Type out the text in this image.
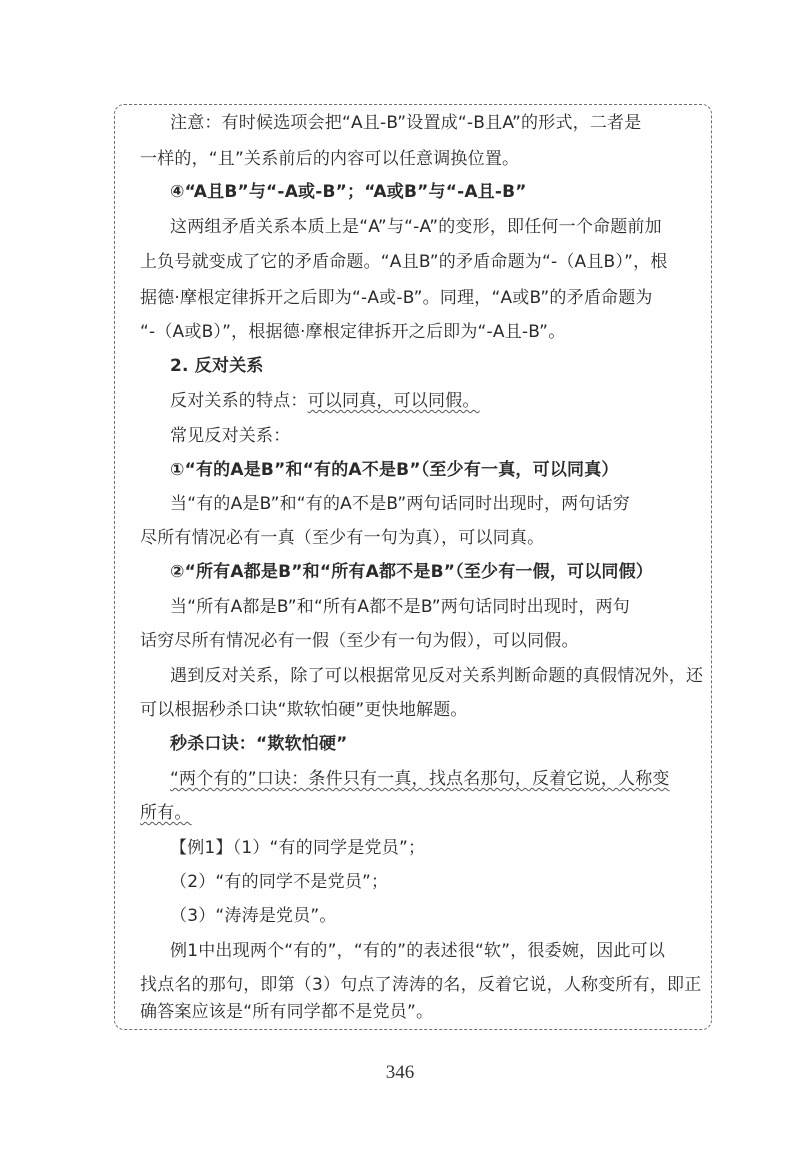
注意：有时候选项会把“A且-B”设置成“-B且A”的形式，二者是
一样的，“且”关系前后的内容可以任意调换位置。
④“A且B”与“-A或-B”；“A或B”与“-A且-B”
这两组矛盾关系本质上是“A”与“-A”的变形，即任何一个命题前加
上负号就变成了它的矛盾命题。“A且B”的矛盾命题为“-（A且B）”，根
据德·摩根定律拆开之后即为“-A或-B”。同理，“A或B”的矛盾命题为
“-（A或B）”，根据德·摩根定律拆开之后即为“-A且-B”。
2. 反对关系
反对关系的特点：可以同真，可以同假。
常见反对关系：
①“有的A是B”和“有的A不是B”（至少有一真，可以同真）
当“有的A是B”和“有的A不是B”两句话同时出现时，两句话穷
尽所有情况必有一真（至少有一句为真），可以同真。
②“所有A都是B”和“所有A都不是B”（至少有一假，可以同假）
当“所有A都是B”和“所有A都不是B”两句话同时出现时，两句
话穷尽所有情况必有一假（至少有一句为假），可以同假。
遇到反对关系，除了可以根据常见反对关系判断命题的真假情况外，还
可以根据秒杀口诀“欺软怕硬”更快地解题。
秒杀口诀：“欺软怕硬”
“两个有的”口诀：条件只有一真，找点名那句，反着它说，人称变
所有。
【例1】（1）“有的同学是党员”；
（2）“有的同学不是党员”；
（3）“涛涛是党员”。
例1中出现两个“有的”，“有的”的表述很“软”，很委婉，因此可以
找点名的那句，即第（3）句点了涛涛的名，反着它说，人称变所有，即正
确答案应该是“所有同学都不是党员”。
346
